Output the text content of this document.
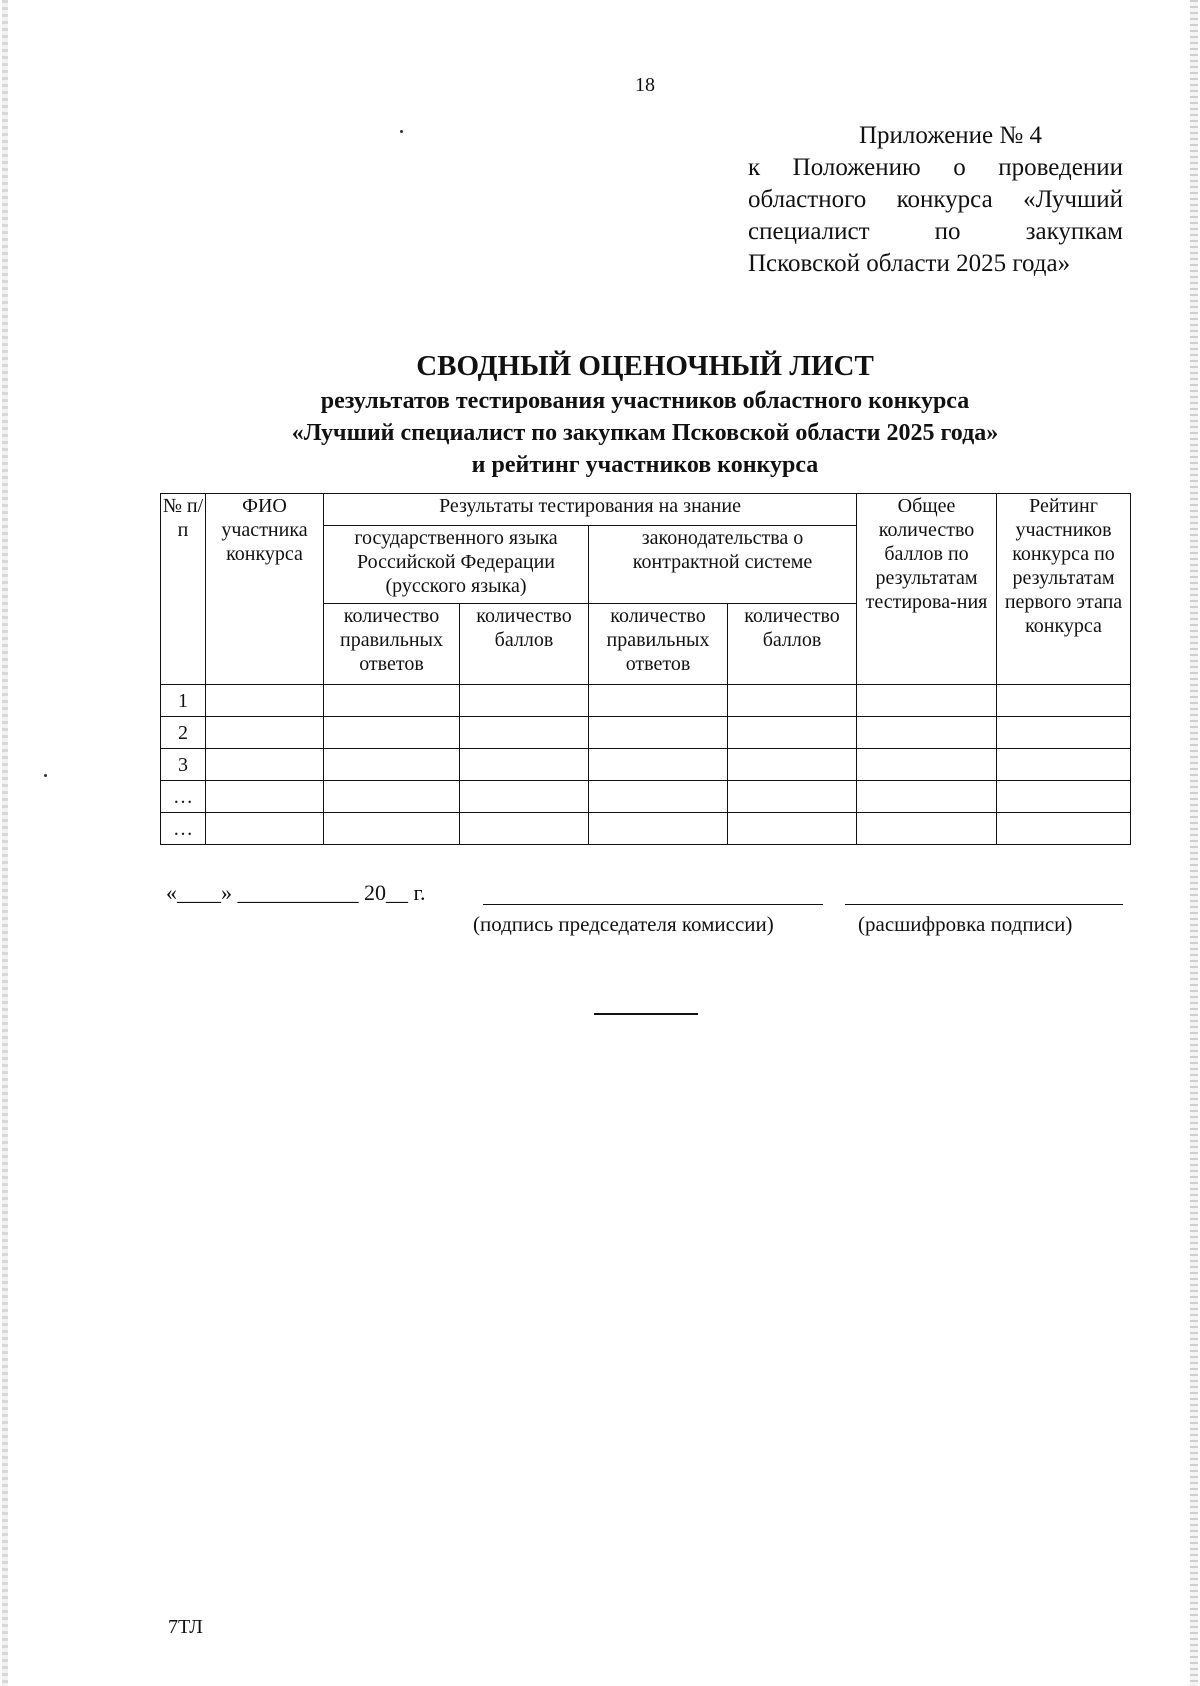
18
Приложение № 4
к Положению о проведении областного конкурса «Лучший специалист по закупкам Псковской области 2025 года»
СВОДНЫЙ ОЦЕНОЧНЫЙ ЛИСТ
результатов тестирования участников областного конкурса
«Лучший специалист по закупкам Псковской области 2025 года»
и рейтинг участников конкурса
№ п/п	ФИО участника конкурса	Результаты тестирования на знание				Общее количество баллов по результатам тестирова-ния	Рейтинг участников конкурса по результатам первого этапа конкурса
		государственного языка Российской Федерации (русского языка)		законодательства о контрактной системе			
		количество правильных ответов	количество баллов	количество правильных ответов	количество баллов		
1							
2							
3							
…							
…							
«____» ___________ 20__ г.
(подпись председателя комиссии)	(расшифровка подписи)
7ТЛ
